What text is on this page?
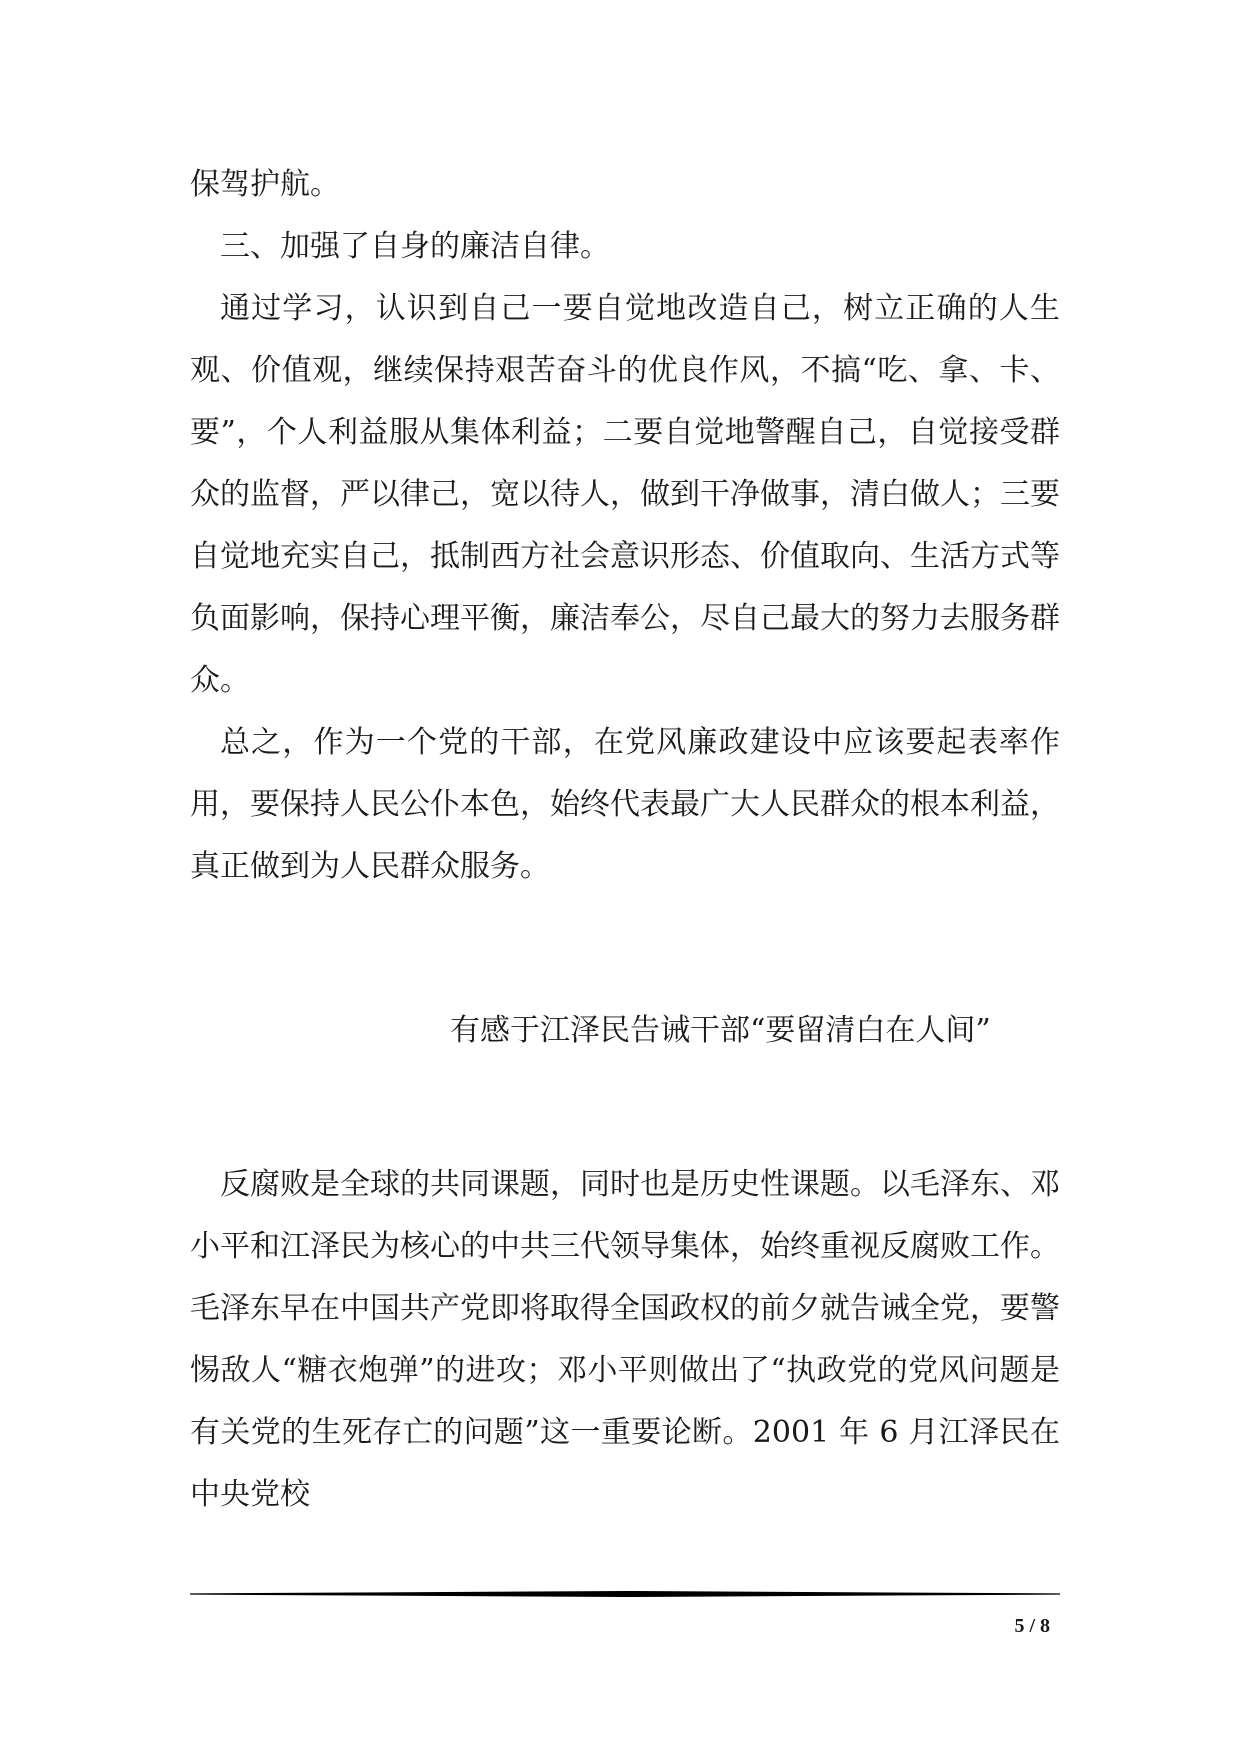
保驾护航。

三、加强了自身的廉洁自律。

通过学习，认识到自己一要自觉地改造自己，树立正确的人生观、价值观，继续保持艰苦奋斗的优良作风，不搞“吃、拿、卡、要”，个人利益服从集体利益；二要自觉地警醒自己，自觉接受群众的监督，严以律己，宽以待人，做到干净做事，清白做人；三要自觉地充实自己，抵制西方社会意识形态、价值取向、生活方式等负面影响，保持心理平衡，廉洁奉公，尽自己最大的努力去服务群众。

总之，作为一个党的干部，在党风廉政建设中应该要起表率作用，要保持人民公仆本色，始终代表最广大人民群众的根本利益，真正做到为人民群众服务。

有感于江泽民告诫干部“要留清白在人间”

反腐败是全球的共同课题，同时也是历史性课题。以毛泽东、邓小平和江泽民为核心的中共三代领导集体，始终重视反腐败工作。毛泽东早在中国共产党即将取得全国政权的前夕就告诫全党，要警惕敌人“糖衣炮弹”的进攻；邓小平则做出了“执政党的党风问题是有关党的生死存亡的问题”这一重要论断。2001 年 6 月江泽民在中央党校

5 / 8
